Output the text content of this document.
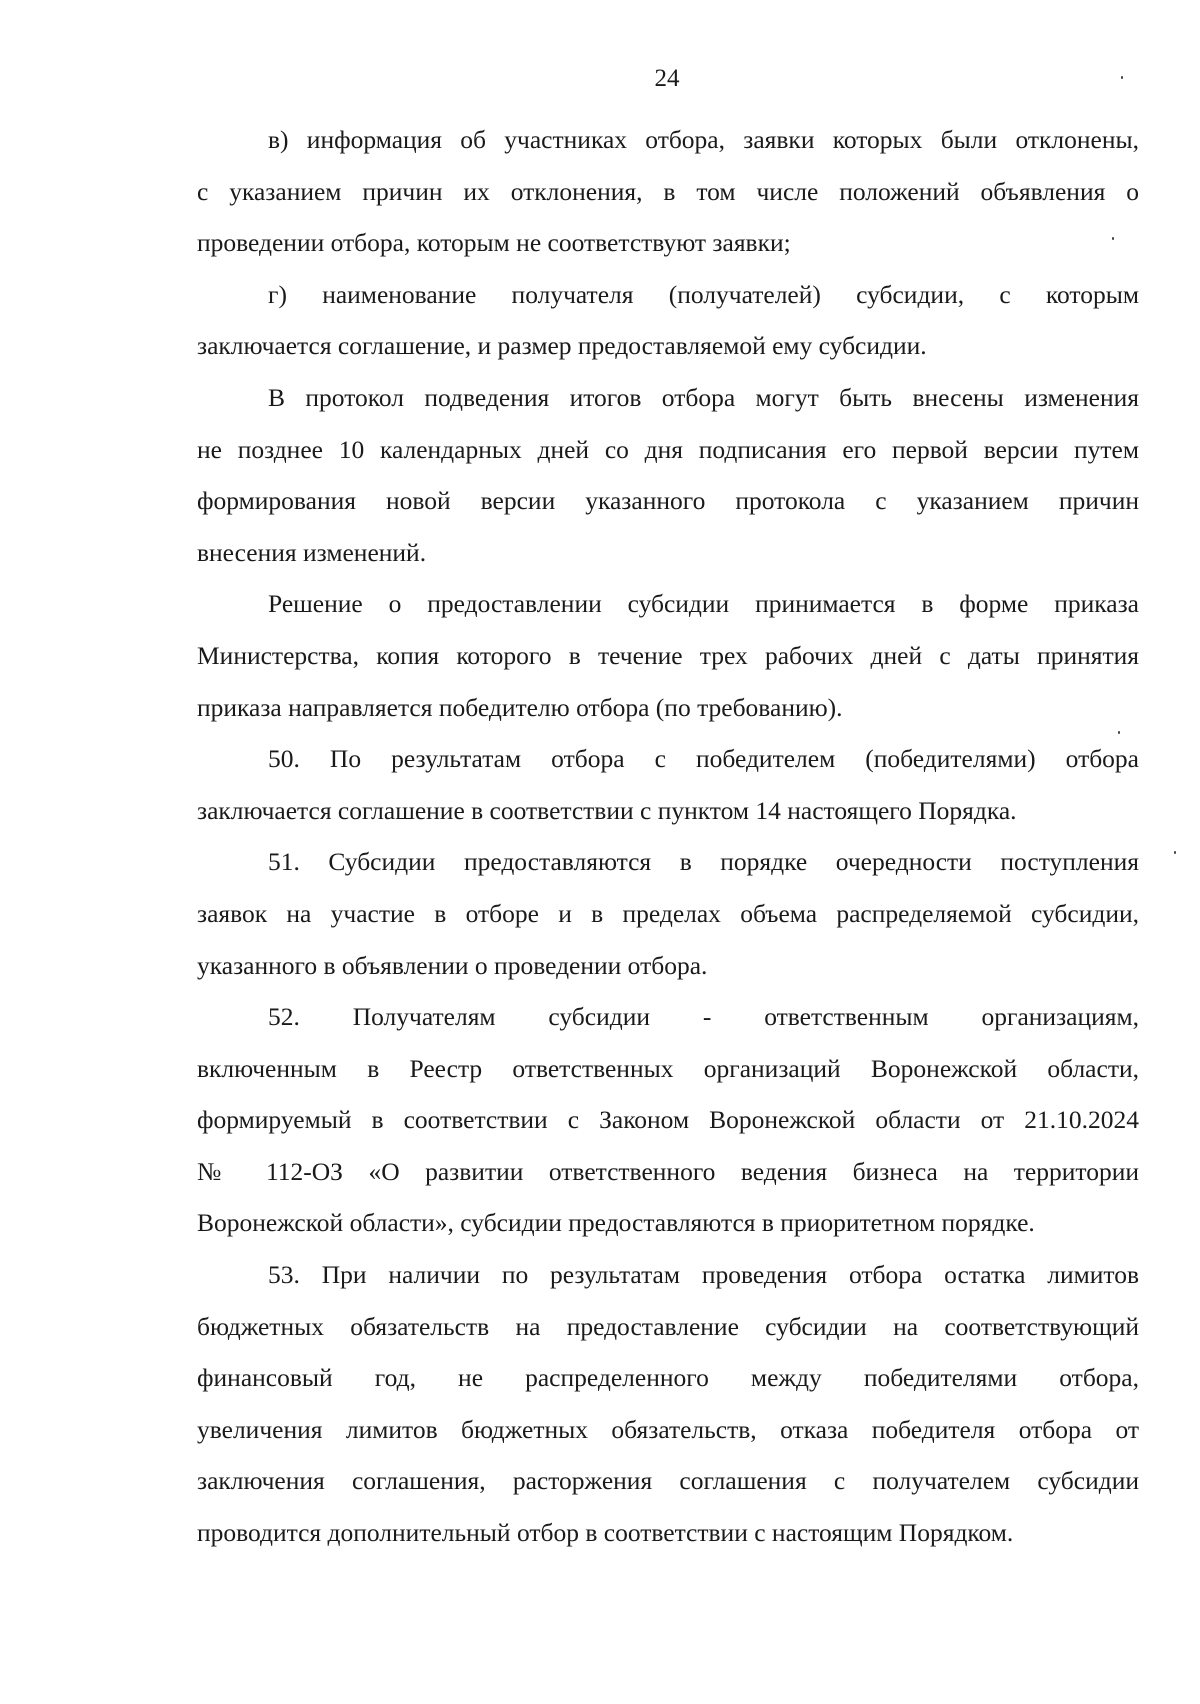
24
в) информация об участниках отбора, заявки которых были отклонены,
с указанием причин их отклонения, в том числе положений объявления о
проведении отбора, которым не соответствуют заявки;
г) наименование получателя (получателей) субсидии, с которым
заключается соглашение, и размер предоставляемой ему субсидии.
В протокол подведения итогов отбора могут быть внесены изменения
не позднее 10 календарных дней со дня подписания его первой версии путем
формирования новой версии указанного протокола с указанием причин
внесения изменений.
Решение о предоставлении субсидии принимается в форме приказа
Министерства, копия которого в течение трех рабочих дней с даты принятия
приказа направляется победителю отбора (по требованию).
50. По результатам отбора с победителем (победителями) отбора
заключается соглашение в соответствии с пунктом 14 настоящего Порядка.
51. Субсидии предоставляются в порядке очередности поступления
заявок на участие в отборе и в пределах объема распределяемой субсидии,
указанного в объявлении о проведении отбора.
52. Получателям субсидии - ответственным организациям,
включенным в Реестр ответственных организаций Воронежской области,
формируемый в соответствии с Законом Воронежской области от 21.10.2024
№ 112-ОЗ «О развитии ответственного ведения бизнеса на территории
Воронежской области», субсидии предоставляются в приоритетном порядке.
53. При наличии по результатам проведения отбора остатка лимитов
бюджетных обязательств на предоставление субсидии на соответствующий
финансовый год, не распределенного между победителями отбора,
увеличения лимитов бюджетных обязательств, отказа победителя отбора от
заключения соглашения, расторжения соглашения с получателем субсидии
проводится дополнительный отбор в соответствии с настоящим Порядком.
